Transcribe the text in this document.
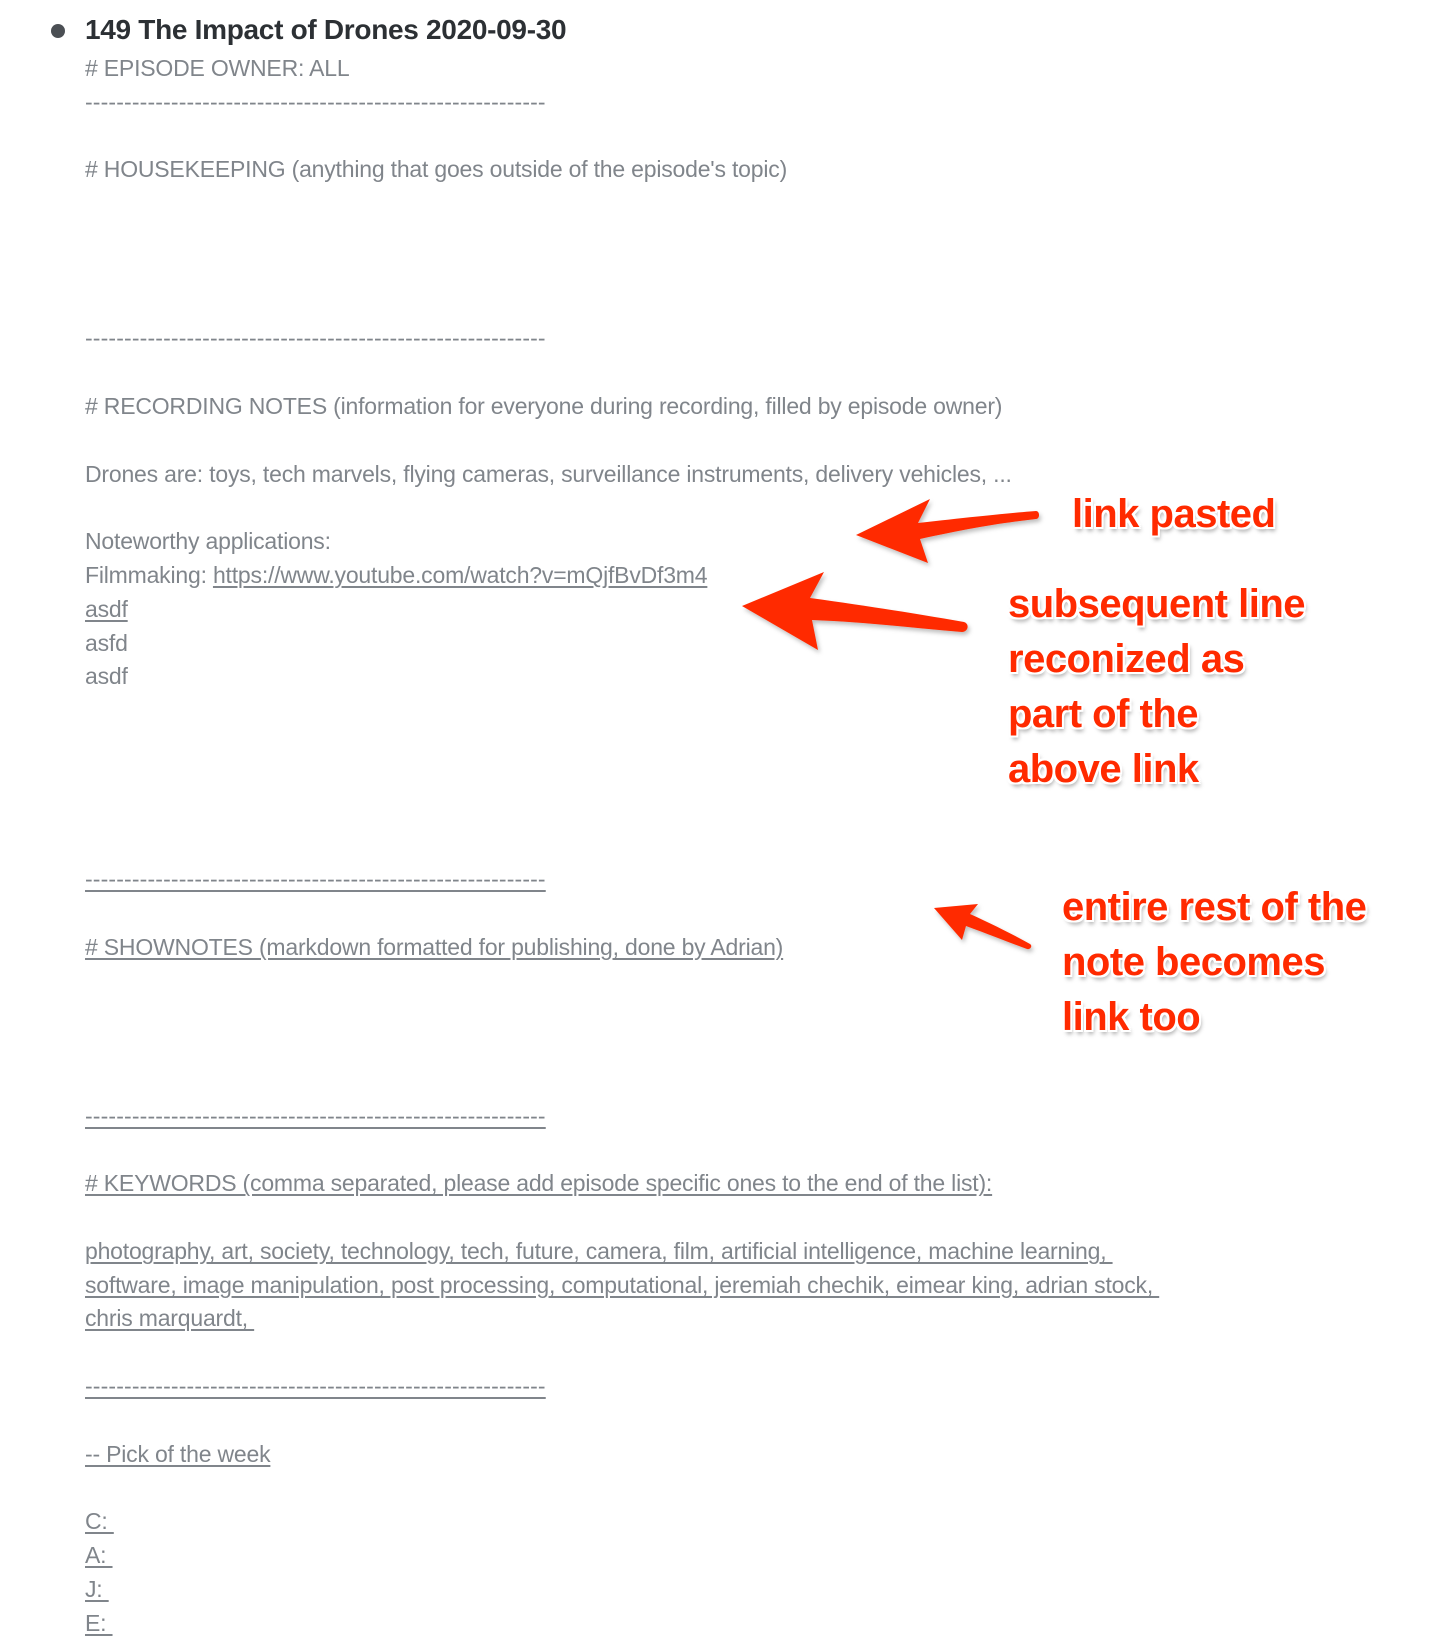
149 The Impact of Drones 2020-09-30
# EPISODE OWNER: ALL
-----------------------------------------------------------
# HOUSEKEEPING (anything that goes outside of the episode's topic)
-----------------------------------------------------------
# RECORDING NOTES (information for everyone during recording, filled by episode owner)
Drones are: toys, tech marvels, flying cameras, surveillance instruments, delivery vehicles, ...
Noteworthy applications:
Filmmaking: https://www.youtube.com/watch?v=mQjfBvDf3m4
asdf
asfd
asdf
-----------------------------------------------------------
# SHOWNOTES (markdown formatted for publishing, done by Adrian)
-----------------------------------------------------------
# KEYWORDS (comma separated, please add episode specific ones to the end of the list):
photography, art, society, technology, tech, future, camera, film, artificial intelligence, machine learning,
software, image manipulation, post processing, computational, jeremiah chechik, eimear king, adrian stock,
chris marquardt,
-----------------------------------------------------------
-- Pick of the week
C:
A:
J:
E:
link pasted
subsequent line
reconized as
part of the
above link
entire rest of the
note becomes
link too
